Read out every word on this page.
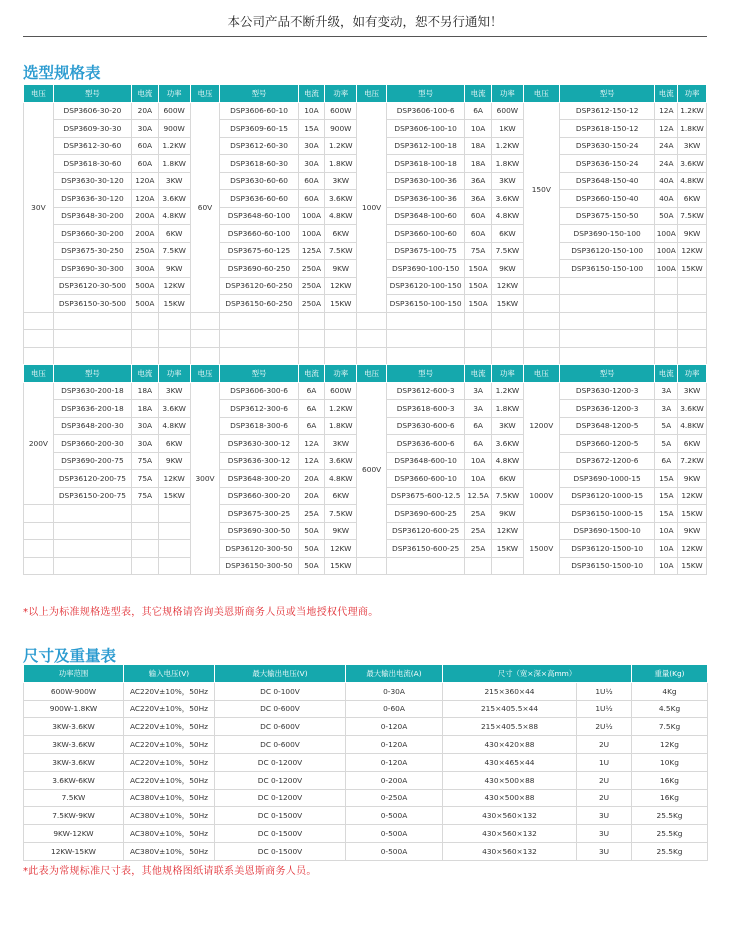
本公司产品不断升级，如有变动，恕不另行通知！
选型规格表
电压	型号	电流	功率	电压	型号	电流	功率	电压	型号	电流	功率	电压	型号	电流	功率
30V	DSP3606-30-20	20A	600W	60V	DSP3606-60-10	10A	600W	100V	DSP3606-100-6	6A	600W	150V	DSP3612-150-12	12A	1.2KW
	DSP3609-30-30	30A	900W		DSP3609-60-15	15A	900W		DSP3606-100-10	10A	1KW		DSP3618-150-12	12A	1.8KW
	DSP3612-30-60	60A	1.2KW		DSP3612-60-30	30A	1.2KW		DSP3612-100-18	18A	1.2KW		DSP3630-150-24	24A	3KW
	DSP3618-30-60	60A	1.8KW		DSP3618-60-30	30A	1.8KW		DSP3618-100-18	18A	1.8KW		DSP3636-150-24	24A	3.6KW
	DSP3630-30-120	120A	3KW		DSP3630-60-60	60A	3KW		DSP3630-100-36	36A	3KW		DSP3648-150-40	40A	4.8KW
	DSP3636-30-120	120A	3.6KW		DSP3636-60-60	60A	3.6KW		DSP3636-100-36	36A	3.6KW		DSP3660-150-40	40A	6KW
	DSP3648-30-200	200A	4.8KW		DSP3648-60-100	100A	4.8KW		DSP3648-100-60	60A	4.8KW		DSP3675-150-50	50A	7.5KW
	DSP3660-30-200	200A	6KW		DSP3660-60-100	100A	6KW		DSP3660-100-60	60A	6KW		DSP3690-150-100	100A	9KW
	DSP3675-30-250	250A	7.5KW		DSP3675-60-125	125A	7.5KW		DSP3675-100-75	75A	7.5KW		DSP36120-150-100	100A	12KW
	DSP3690-30-300	300A	9KW		DSP3690-60-250	250A	9KW		DSP3690-100-150	150A	9KW		DSP36150-150-100	100A	15KW
	DSP36120-30-500	500A	12KW		DSP36120-60-250	250A	12KW		DSP36120-100-150	150A	12KW				
	DSP36150-30-500	500A	15KW		DSP36150-60-250	250A	15KW		DSP36150-100-150	150A	15KW				

电压	型号	电流	功率	电压	型号	电流	功率	电压	型号	电流	功率	电压	型号	电流	功率
200V	DSP3630-200-18	18A	3KW	300V	DSP3606-300-6	6A	600W	600V	DSP3612-600-3	3A	1.2KW	1200V	DSP3630-1200-3	3A	3KW
	DSP3636-200-18	18A	3.6KW		DSP3612-300-6	6A	1.2KW		DSP3618-600-3	3A	1.8KW		DSP3636-1200-3	3A	3.6KW
	DSP3648-200-30	30A	4.8KW		DSP3618-300-6	6A	1.8KW		DSP3630-600-6	6A	3KW		DSP3648-1200-5	5A	4.8KW
	DSP3660-200-30	30A	6KW		DSP3630-300-12	12A	3KW		DSP3636-600-6	6A	3.6KW		DSP3660-1200-5	5A	6KW
	DSP3690-200-75	75A	9KW		DSP3636-300-12	12A	3.6KW		DSP3648-600-10	10A	4.8KW		DSP3672-1200-6	6A	7.2KW
	DSP36120-200-75	75A	12KW		DSP3648-300-20	20A	4.8KW		DSP3660-600-10	10A	6KW	1000V	DSP3690-1000-15	15A	9KW
	DSP36150-200-75	75A	15KW		DSP3660-300-20	20A	6KW		DSP3675-600-12.5	12.5A	7.5KW		DSP36120-1000-15	15A	12KW
					DSP3675-300-25	25A	7.5KW		DSP3690-600-25	25A	9KW		DSP36150-1000-15	15A	15KW
					DSP3690-300-50	50A	9KW		DSP36120-600-25	25A	12KW	1500V	DSP3690-1500-10	10A	9KW
					DSP36120-300-50	50A	12KW		DSP36150-600-25	25A	15KW		DSP36120-1500-10	10A	12KW
					DSP36150-300-50	50A	15KW						DSP36150-1500-10	10A	15KW
*以上为标准规格选型表，其它规格请咨询美恩斯商务人员或当地授权代理商。
尺寸及重量表
功率范围	输入电压(V)	最大输出电压(V)	最大输出电流(A)	尺寸（宽×深×高mm）		重量(Kg)
600W-900W	AC220V±10%，50Hz	DC 0-100V	0-30A	215×360×44	1U½	4Kg
900W-1.8KW	AC220V±10%，50Hz	DC 0-600V	0-60A	215×405.5×44	1U½	4.5Kg
3KW-3.6KW	AC220V±10%，50Hz	DC 0-600V	0-120A	215×405.5×88	2U½	7.5Kg
3KW-3.6KW	AC220V±10%，50Hz	DC 0-600V	0-120A	430×420×88	2U	12Kg
3KW-3.6KW	AC220V±10%，50Hz	DC 0-1200V	0-120A	430×465×44	1U	10Kg
3.6KW-6KW	AC220V±10%，50Hz	DC 0-1200V	0-200A	430×500×88	2U	16Kg
7.5KW	AC380V±10%，50Hz	DC 0-1200V	0-250A	430×500×88	2U	16Kg
7.5KW-9KW	AC380V±10%，50Hz	DC 0-1500V	0-500A	430×560×132	3U	25.5Kg
9KW-12KW	AC380V±10%，50Hz	DC 0-1500V	0-500A	430×560×132	3U	25.5Kg
12KW-15KW	AC380V±10%，50Hz	DC 0-1500V	0-500A	430×560×132	3U	25.5Kg
*此表为常规标准尺寸表，其他规格图纸请联系美恩斯商务人员。
